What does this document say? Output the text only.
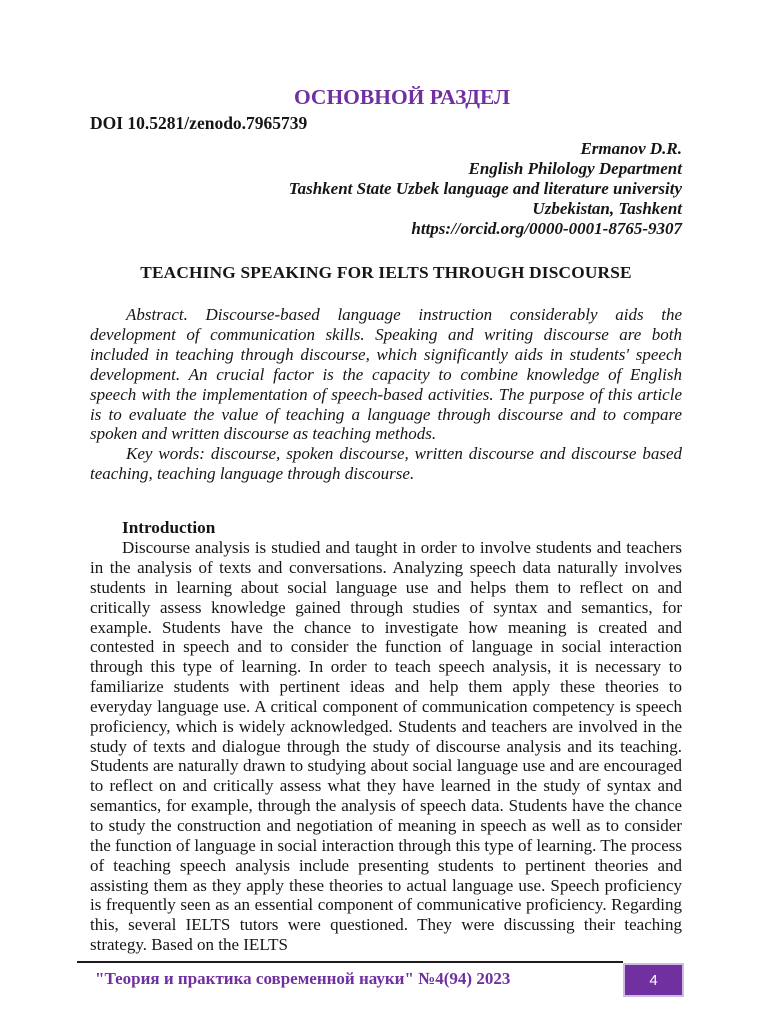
ОСНОВНОЙ РАЗДЕЛ
DOI 10.5281/zenodo.7965739
Ermanov D.R.
English Philology Department
Tashkent State Uzbek language and literature university
Uzbekistan, Tashkent
https://orcid.org/0000-0001-8765-9307
TEACHING SPEAKING FOR IELTS THROUGH DISCOURSE

Abstract. Discourse-based language instruction considerably aids the development of communication skills. Speaking and writing discourse are both included in teaching through discourse, which significantly aids in students' speech development. An crucial factor is the capacity to combine knowledge of English speech with the implementation of speech-based activities. The purpose of this article is to evaluate the value of teaching a language through discourse and to compare spoken and written discourse as teaching methods.

Key words: discourse, spoken discourse, written discourse and discourse based teaching, teaching language through discourse.

Introduction

Discourse analysis is studied and taught in order to involve students and teachers in the analysis of texts and conversations. Analyzing speech data naturally involves students in learning about social language use and helps them to reflect on and critically assess knowledge gained through studies of syntax and semantics, for example. Students have the chance to investigate how meaning is created and contested in speech and to consider the function of language in social interaction through this type of learning. In order to teach speech analysis, it is necessary to familiarize students with pertinent ideas and help them apply these theories to everyday language use. A critical component of communication competency is speech proficiency, which is widely acknowledged. Students and teachers are involved in the study of texts and dialogue through the study of discourse analysis and its teaching. Students are naturally drawn to studying about social language use and are encouraged to reflect on and critically assess what they have learned in the study of syntax and semantics, for example, through the analysis of speech data. Students have the chance to study the construction and negotiation of meaning in speech as well as to consider the function of language in social interaction through this type of learning. The process of teaching speech analysis include presenting students to pertinent theories and assisting them as they apply these theories to actual language use. Speech proficiency is frequently seen as an essential component of communicative proficiency. Regarding this, several IELTS tutors were questioned. They were discussing their teaching strategy. Based on the IELTS

"Теория и практика современной науки" №4(94) 2023	4
